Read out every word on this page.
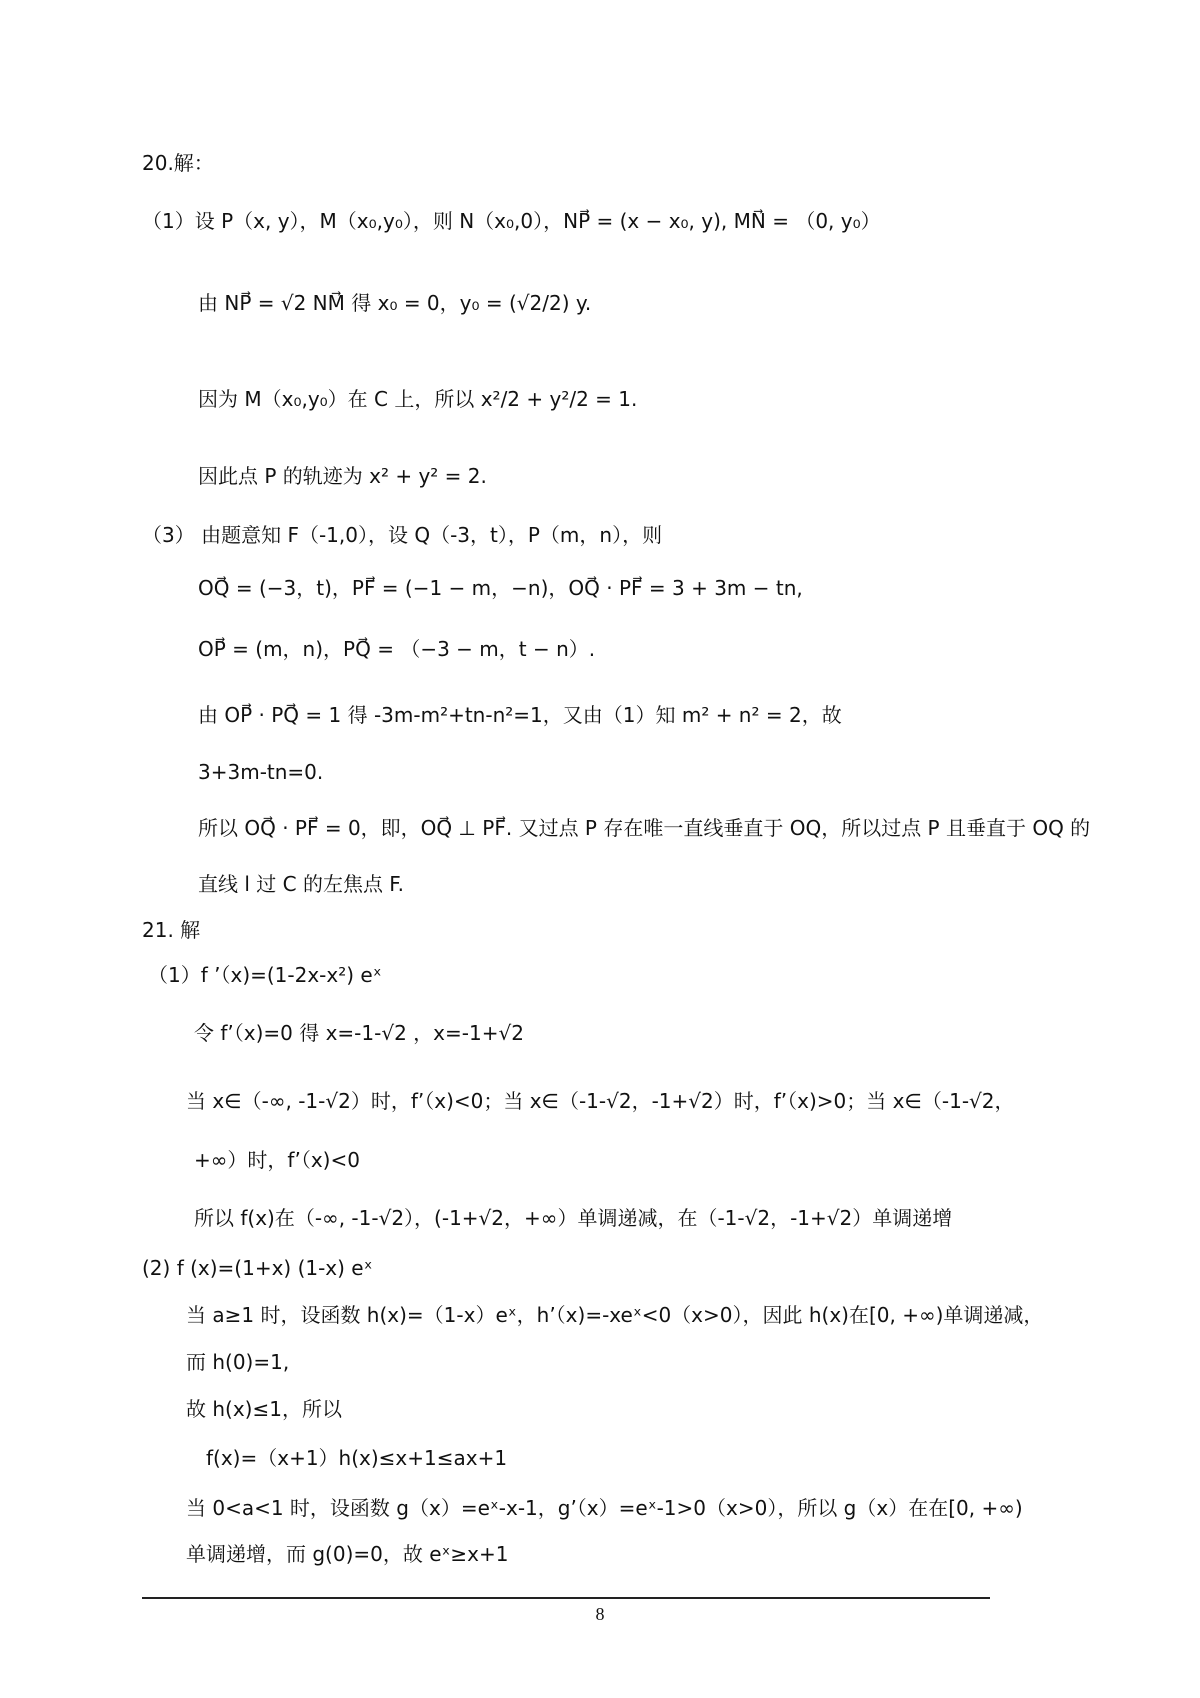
20.解：
（1）设 P（x, y），M（x₀,y₀），则 N（x₀,0），NP⃗ = (x − x₀, y), MN⃗ = （0, y₀）
由 NP⃗ = √2 NM⃗ 得 x₀ = 0，y₀ = (√2/2) y.
因为 M（x₀,y₀）在 C 上，所以 x²/2 + y²/2 = 1.
因此点 P 的轨迹为 x² + y² = 2.
（3） 由题意知 F（-1,0），设 Q（-3，t），P（m，n），则
OQ⃗ = (−3，t)，PF⃗ = (−1 − m，−n)，OQ⃗ · PF⃗ = 3 + 3m − tn,
OP⃗ = (m，n)，PQ⃗ = （−3 − m，t − n）.
由 OP⃗ · PQ⃗ = 1 得 -3m-m²+tn-n²=1，又由（1）知 m² + n² = 2，故
3+3m-tn=0.
所以 OQ⃗ · PF⃗ = 0，即，OQ⃗ ⊥ PF⃗. 又过点 P 存在唯一直线垂直于 OQ，所以过点 P 且垂直于 OQ 的
直线 l 过 C 的左焦点 F.
21. 解
（1）f ’（x)=(1-2x-x²) eˣ
令 f’（x)=0 得 x=-1-√2 ，x=-1+√2
当 x∈（-∞, -1-√2）时，f’（x)<0；当 x∈（-1-√2，-1+√2）时，f’（x)>0；当 x∈（-1-√2，
+∞）时，f’（x)<0
所以 f(x)在（-∞, -1-√2），(-1+√2，+∞）单调递减，在（-1-√2，-1+√2）单调递增
(2) f (x)=(1+x) (1-x) eˣ
当 a≥1 时，设函数 h(x)=（1-x）eˣ，h’（x)=-xeˣ<0（x>0），因此 h(x)在[0, +∞)单调递减，
而 h(0)=1,
故 h(x)≤1，所以
f(x)=（x+1）h(x)≤x+1≤ax+1
当 0<a<1 时，设函数 g（x）=eˣ-x-1，g’（x）=eˣ-1>0（x>0），所以 g（x）在在[0, +∞)
单调递增，而 g(0)=0，故 eˣ≥x+1
8
